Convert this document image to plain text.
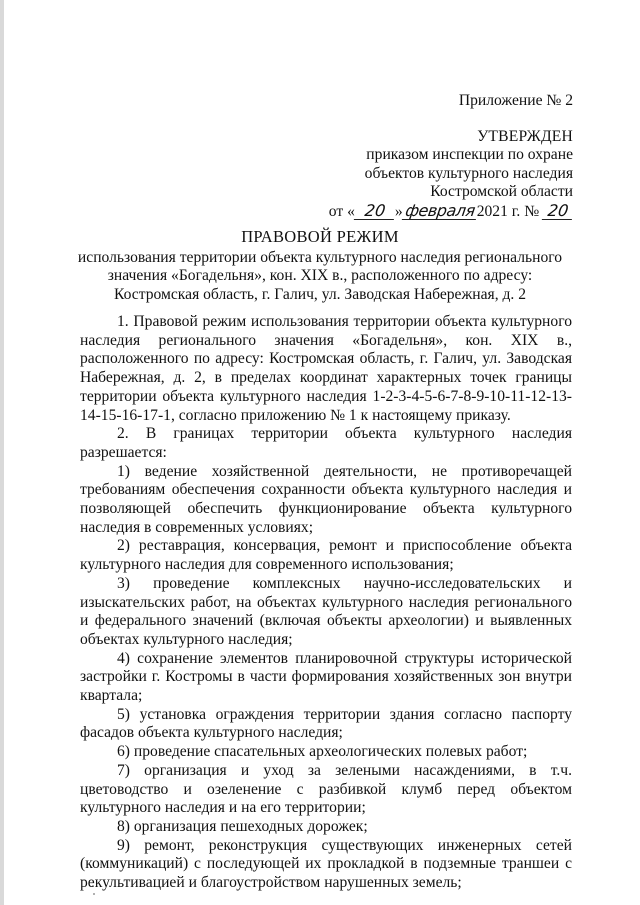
Приложение № 2
УТВЕРЖДЕН
приказом инспекции по охране
объектов культурного наследия
Костромской области
от « 20 »февраля2021 г. № 20
ПРАВОВОЙ РЕЖИМ
использования территории объекта культурного наследия регионального
значения «Богадельня», кон. XIX в., расположенного по адресу:
Костромская область, г. Галич, ул. Заводская Набережная, д. 2

1. Правовой режим использования территории объекта культурного наследия регионального значения «Богадельня», кон. XIX в., расположенного по адресу: Костромская область, г. Галич, ул. Заводская Набережная, д. 2, в пределах координат характерных точек границы территории объекта культурного наследия 1-2-3-4-5-6-7-8-9-10-11-12-13-14-15-16-17-1, согласно приложению № 1 к настоящему приказу.

2. В границах территории объекта культурного наследия разрешается:

1) ведение хозяйственной деятельности, не противоречащей требованиям обеспечения сохранности объекта культурного наследия и позволяющей обеспечить функционирование объекта культурного наследия в современных условиях;

2) реставрация, консервация, ремонт и приспособление объекта культурного наследия для современного использования;

3) проведение комплексных научно-исследовательских и изыскательских работ, на объектах культурного наследия регионального и федерального значений (включая объекты археологии) и выявленных объектах культурного наследия;

4) сохранение элементов планировочной структуры исторической застройки г. Костромы в части формирования хозяйственных зон внутри квартала;

5) установка ограждения территории здания согласно паспорту фасадов объекта культурного наследия;

6) проведение спасательных археологических полевых работ;

7) организация и уход за зелеными насаждениями, в т.ч. цветоводство и озеленение с разбивкой клумб перед объектом культурного наследия и на его территории;

8) организация пешеходных дорожек;

9) ремонт, реконструкция существующих инженерных сетей (коммуникаций) с последующей их прокладкой в подземные траншеи с рекультивацией и благоустройством нарушенных земель;
